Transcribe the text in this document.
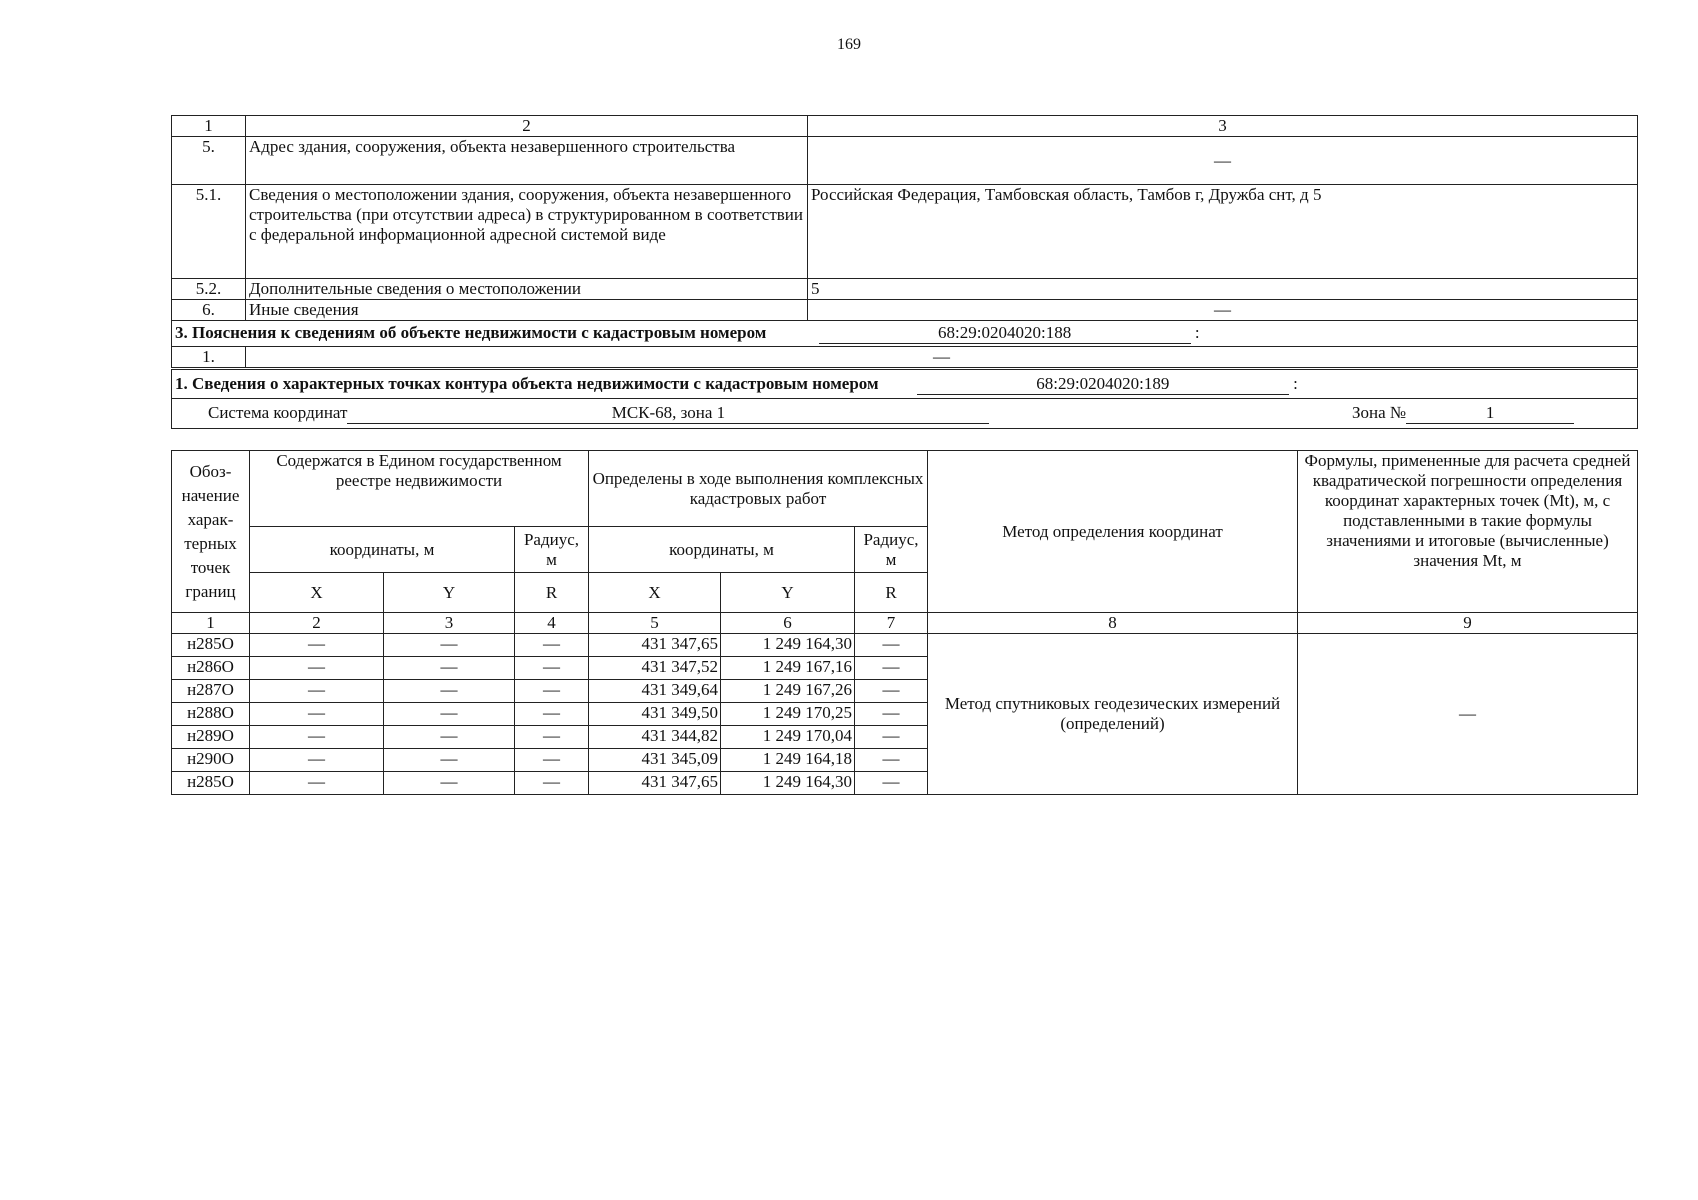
169
1	2	3
5.	Адрес здания, сооружения, объекта незавершенного строительства	—
5.1.	Сведения о местоположении здания, сооружения, объекта незавершенного строительства (при отсутствии адреса) в структурированном в соответствии с федеральной информационной адресной системой виде	Российская Федерация, Тамбовская область, Тамбов г, Дружба снт, д 5
5.2.	Дополнительные сведения о местоположении	5
6.	Иные сведения	—
3. Пояснения к сведениям об объекте недвижимости с кадастровым номером 68:29:0204020:188 :		
1.	—	
1. Сведения о характерных точках контура объекта недвижимости с кадастровым номером 68:29:0204020:189 :		
Система координат МСК-68, зона 1 Зона № 1		
Обоз-начение харак-терных точек границ	Содержатся в Едином государственном реестре недвижимости			Определены в ходе выполнения комплексных кадастровых работ			Метод определения координат	Формулы, примененные для расчета средней квадратической погрешности определения координат характерных точек (Mt), м, с подставленными в такие формулы значениями и итоговые (вычисленные) значения Mt, м
	координаты, м		Радиус, м	координаты, м		Радиус, м		
	X	Y	R	X	Y	R		
1	2	3	4	5	6	7	8	9
н285О	—	—	—	431 347,65	1 249 164,30	—	Метод спутниковых геодезических измерений (определений)	—
н286О	—	—	—	431 347,52	1 249 167,16	—		
н287О	—	—	—	431 349,64	1 249 167,26	—		
н288О	—	—	—	431 349,50	1 249 170,25	—		
н289О	—	—	—	431 344,82	1 249 170,04	—		
н290О	—	—	—	431 345,09	1 249 164,18	—		
н285О	—	—	—	431 347,65	1 249 164,30	—		
